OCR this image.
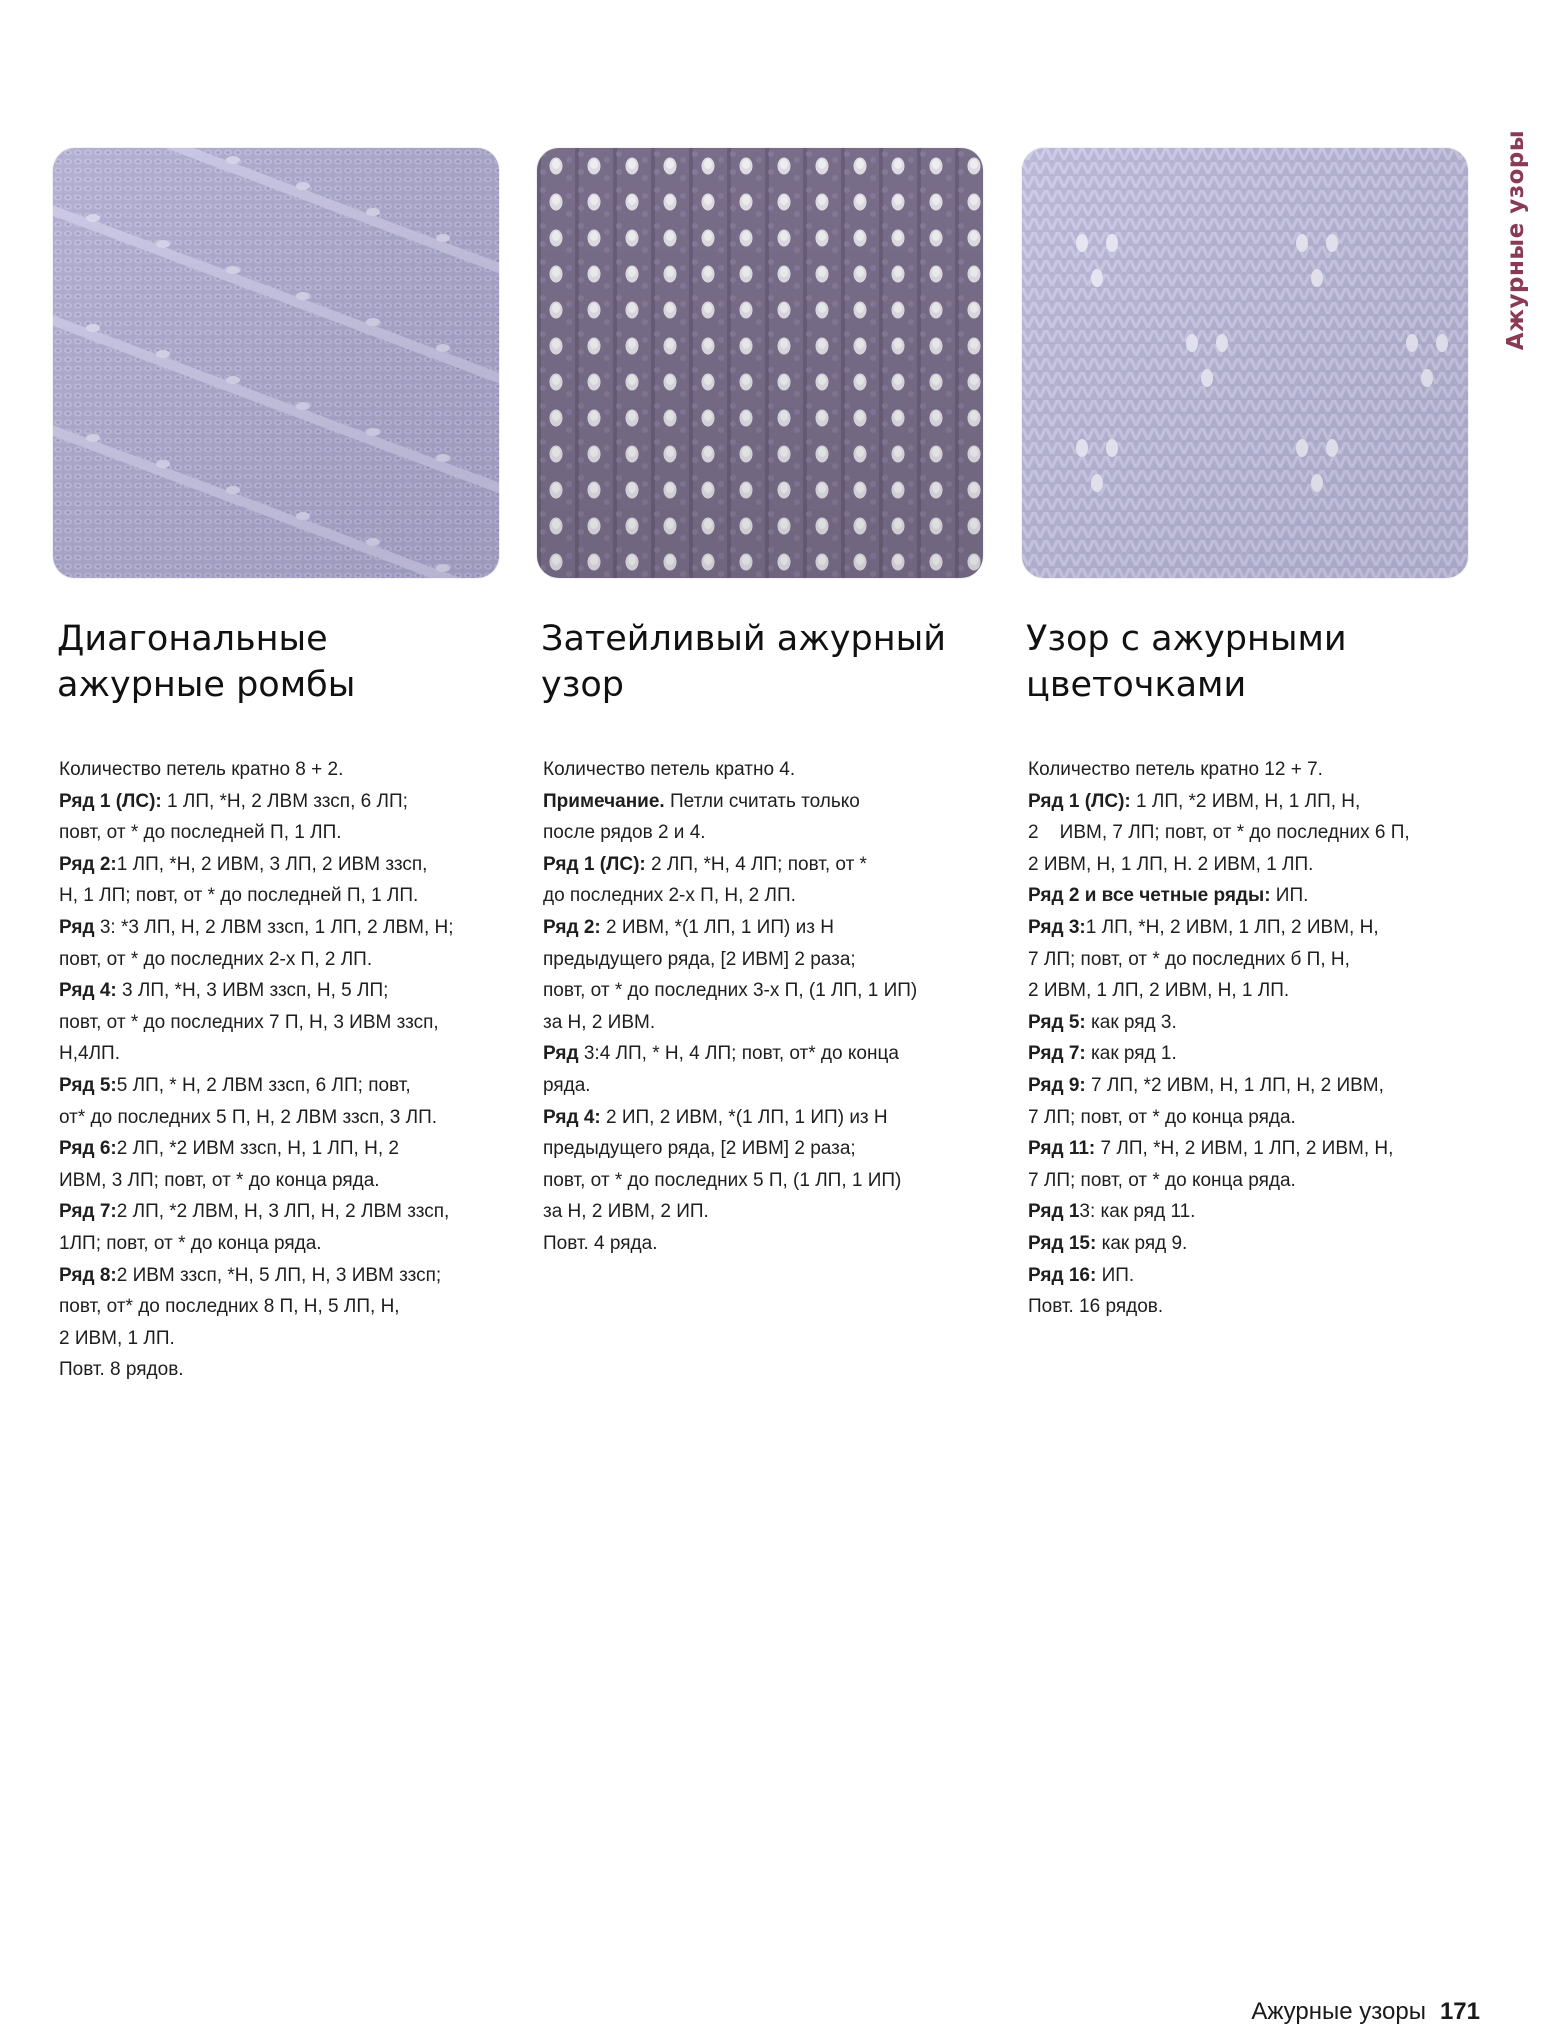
Ажурные узоры
Диагональные
ажурные ромбы

Количество петель кратно 8 + 2.

Ряд 1 (ЛС): 1 ЛП, *Н, 2 ЛВМ ззсп, 6 ЛП;

повт, от * до последней П, 1 ЛП.

Ряд 2:1 ЛП, *Н, 2 ИВМ, 3 ЛП, 2 ИВМ ззсп,

Н, 1 ЛП; повт, от * до последней П, 1 ЛП.

Ряд 3: *3 ЛП, Н, 2 ЛВМ ззсп, 1 ЛП, 2 ЛВМ, Н;

повт, от * до последних 2-х П, 2 ЛП.

Ряд 4: 3 ЛП, *Н, 3 ИВМ ззсп, Н, 5 ЛП;

повт, от * до последних 7 П, Н, 3 ИВМ ззсп,

Н,4ЛП.

Ряд 5:5 ЛП, * Н, 2 ЛВМ ззсп, 6 ЛП; повт,

от* до последних 5 П, Н, 2 ЛВМ ззсп, 3 ЛП.

Ряд 6:2 ЛП, *2 ИВМ ззсп, Н, 1 ЛП, Н, 2

ИВМ, 3 ЛП; повт, от * до конца ряда.

Ряд 7:2 ЛП, *2 ЛВМ, Н, 3 ЛП, Н, 2 ЛВМ ззсп,

1ЛП; повт, от * до конца ряда.

Ряд 8:2 ИВМ ззсп, *Н, 5 ЛП, Н, 3 ИВМ ззсп;

повт, от* до последних 8 П, Н, 5 ЛП, Н,

2 ИВМ, 1 ЛП.

Повт. 8 рядов.

Затейливый ажурный
узор

Количество петель кратно 4.

Примечание. Петли считать только

после рядов 2 и 4.

Ряд 1 (ЛС): 2 ЛП, *Н, 4 ЛП; повт, от *

до последних 2-х П, Н, 2 ЛП.

Ряд 2: 2 ИВМ, *(1 ЛП, 1 ИП) из Н

предыдущего ряда, [2 ИВМ] 2 раза;

повт, от * до последних 3-х П, (1 ЛП, 1 ИП)

за Н, 2 ИВМ.

Ряд 3:4 ЛП, * Н, 4 ЛП; повт, от* до конца

ряда.

Ряд 4: 2 ИП, 2 ИВМ, *(1 ЛП, 1 ИП) из Н

предыдущего ряда, [2 ИВМ] 2 раза;

повт, от * до последних 5 П, (1 ЛП, 1 ИП)

за Н, 2 ИВМ, 2 ИП.

Повт. 4 ряда.

Узор с ажурными
цветочками

Количество петель кратно 12 + 7.

Ряд 1 (ЛС): 1 ЛП, *2 ИВМ, Н, 1 ЛП, Н,

2    ИВМ, 7 ЛП; повт, от * до последних 6 П,

2 ИВМ, Н, 1 ЛП, Н. 2 ИВМ, 1 ЛП.

Ряд 2 и все четные ряды: ИП.

Ряд 3:1 ЛП, *Н, 2 ИВМ, 1 ЛП, 2 ИВМ, Н,

7 ЛП; повт, от * до последних б П, Н,

2 ИВМ, 1 ЛП, 2 ИВМ, Н, 1 ЛП.

Ряд 5: как ряд 3.

Ряд 7: как ряд 1.

Ряд 9: 7 ЛП, *2 ИВМ, Н, 1 ЛП, Н, 2 ИВМ,

7 ЛП; повт, от * до конца ряда.

Ряд 11: 7 ЛП, *Н, 2 ИВМ, 1 ЛП, 2 ИВМ, Н,

7 ЛП; повт, от * до конца ряда.

Ряд 13: как ряд 11.

Ряд 15: как ряд 9.

Ряд 16: ИП.

Повт. 16 рядов.

Ажурные узоры 171
